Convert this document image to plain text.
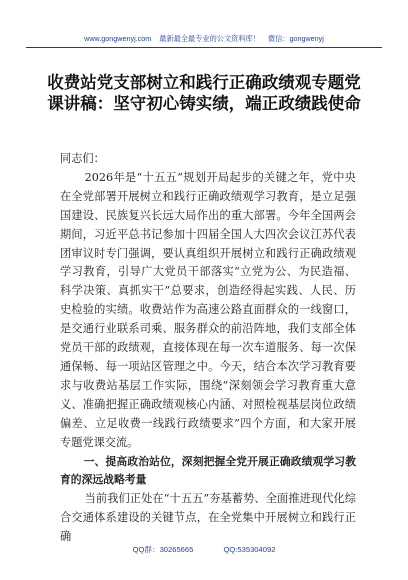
www.gongwenyj.com 最新最全最专业的公文资料库！ 微信：gongwenyj
收费站党支部树立和践行正确政绩观专题党课讲稿：坚守初心铸实绩，端正政绩践使命

同志们：

2026年是“十五五”规划开局起步的关键之年，党中央在全党部署开展树立和践行正确政绩观学习教育，是立足强国建设、民族复兴长远大局作出的重大部署。今年全国两会期间，习近平总书记参加十四届全国人大四次会议江苏代表团审议时专门强调，要认真组织开展树立和践行正确政绩观学习教育，引导广大党员干部落实“立党为公、为民造福、科学决策、真抓实干”总要求，创造经得起实践、人民、历史检验的实绩。收费站作为高速公路直面群众的一线窗口，是交通行业联系司乘、服务群众的前沿阵地，我们支部全体党员干部的政绩观，直接体现在每一次车道服务、每一次保通保畅、每一项站区管理之中。今天，结合本次学习教育要求与收费站基层工作实际，围绕“深刻领会学习教育重大意义、准确把握正确政绩观核心内涵、对照检视基层岗位政绩偏差、立足收费一线践行政绩要求”四个方面，和大家开展专题党课交流。

一、提高政治站位，深刻把握全党开展正确政绩观学习教育的深远战略考量

当前我们正处在“十五五”夯基蓄势、全面推进现代化综合交通体系建设的关键节点，在全党集中开展树立和践行正确

QQ群：30265665	QQ:535304092
